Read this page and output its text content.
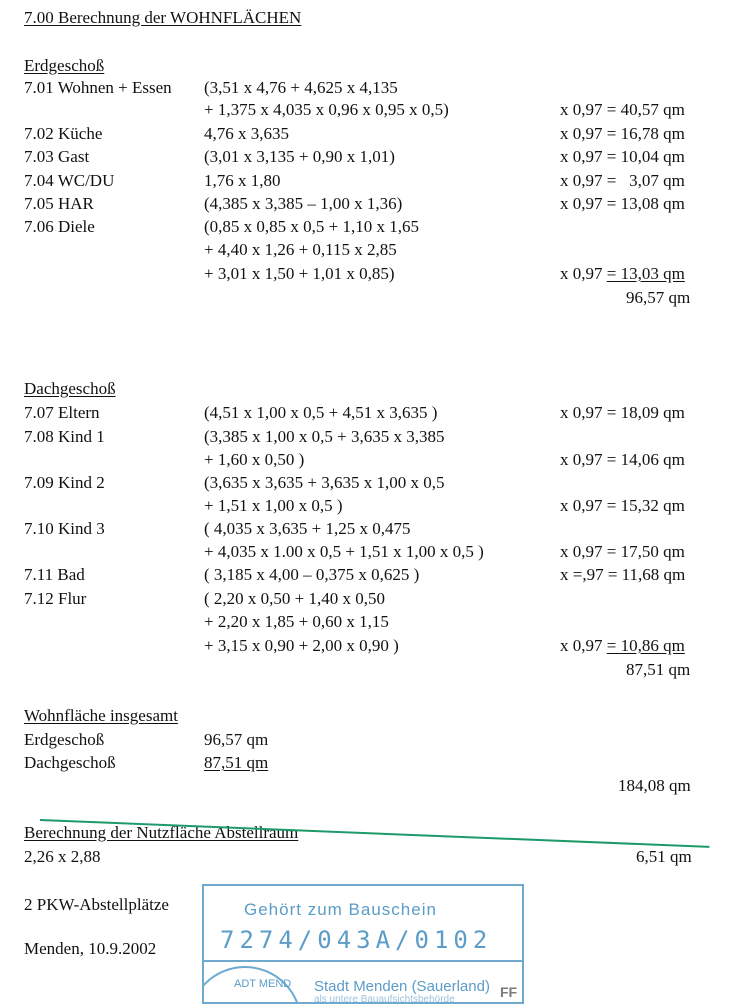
7.00 Berechnung der WOHNFLÄCHEN
Erdgeschoß
7.01 Wohnen + Essen (3,51 x 4,76 + 4,625 x 4,135
+ 1,375 x 4,035 x 0,96 x 0,95 x 0,5)	x 0,97 = 40,57 qm
7.02 Küche	4,76 x 3,635	x 0,97 = 16,78 qm
7.03 Gast	(3,01 x 3,135 + 0,90 x 1,01)	x 0,97 = 10,04 qm
7.04 WC/DU	1,76 x 1,80	x 0,97 =   3,07 qm
7.05 HAR	(4,385 x 3,385 – 1,00 x 1,36)	x 0,97 = 13,08 qm
7.06 Diele	(0,85 x 0,85 x 0,5 + 1,10 x 1,65
+ 4,40 x 1,26 + 0,115 x 2,85
+ 3,01 x 1,50 + 1,01 x 0,85)	x 0,97 = 13,03 qm
96,57 qm
Dachgeschoß
7.07 Eltern	(4,51 x 1,00 x 0,5 + 4,51 x 3,635 )	x 0,97 = 18,09 qm
7.08 Kind 1	(3,385 x 1,00 x 0,5 + 3,635 x 3,385
+ 1,60 x 0,50 )	x 0,97 = 14,06 qm
7.09 Kind 2	(3,635 x 3,635 + 3,635 x 1,00 x 0,5
+ 1,51 x 1,00 x 0,5 )	x 0,97 = 15,32 qm
7.10 Kind 3	( 4,035 x 3,635 + 1,25 x 0,475
+ 4,035 x 1.00 x 0,5 + 1,51 x 1,00 x 0,5 )	x 0,97 = 17,50 qm
7.11 Bad	( 3,185 x 4,00 – 0,375 x 0,625 )	x =,97 = 11,68 qm
7.12 Flur	( 2,20 x 0,50 + 1,40 x 0,50
+ 2,20 x 1,85 + 0,60 x 1,15
+ 3,15 x 0,90 + 2,00 x 0,90 )	x 0,97 = 10,86 qm
87,51 qm
Wohnfläche insgesamt
Erdgeschoß	96,57 qm
Dachgeschoß	87,51 qm
184,08 qm
Berechnung der Nutzfläche Abstellraum
2,26 x 2,88	6,51 qm
2 PKW-Abstellplätze
Menden, 10.9.2002
Gehört zum Bauschein
7274/043A/0102
ADT MEND Stadt Menden (Sauerland)
als untere Bauaufsichtsbehörde	FF
